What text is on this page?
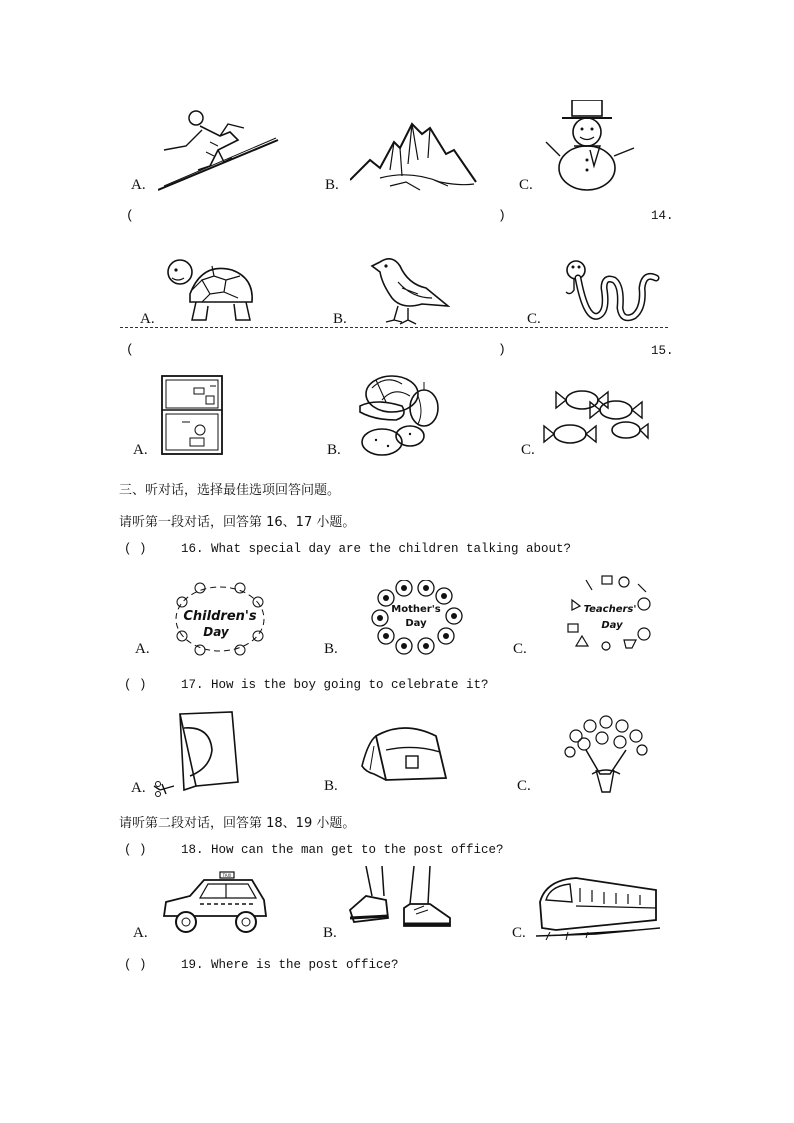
A.	B.	C.
(	)	14.
A.	B.	C.
(	)	15.
A.	B.	C.
三、听对话，选择最佳选项回答问题。
请听第一段对话，回答第 16、17 小题。
( )	16. What special day are the children talking about?
Children's
Day
A.
Mother's
Day
B.
Teachers'
Day
C.
( )	17. How is the boy going to celebrate it?
A.	B.	C.
请听第二段对话，回答第 18、19 小题。
( )	18. How can the man get to the post office?
TAXI
A.	B.	C.
( )	19. Where is the post office?
